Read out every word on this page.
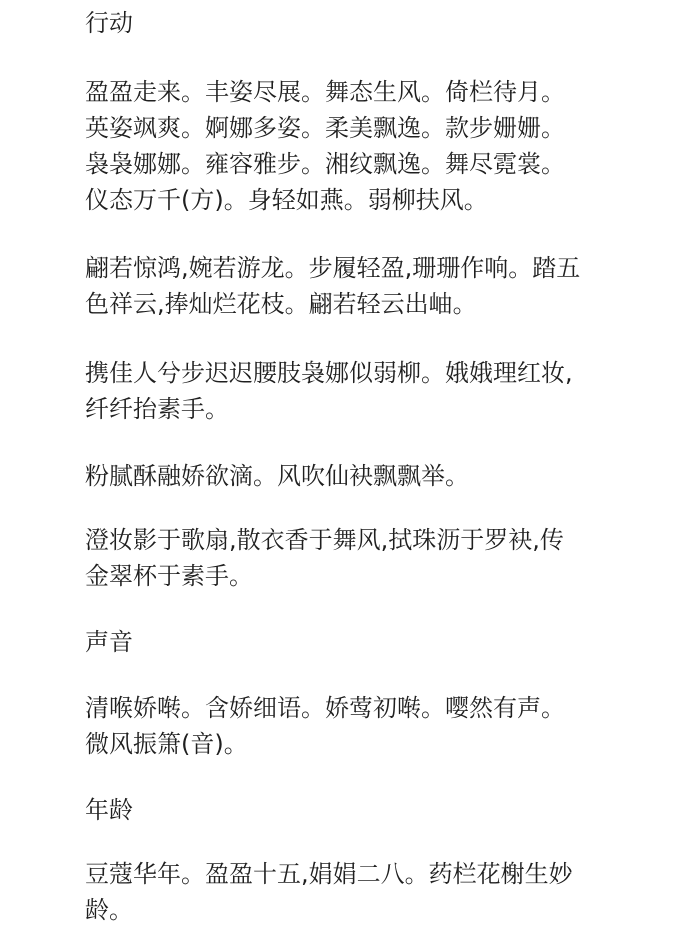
行动
盈盈走来。丰姿尽展。舞态生风。倚栏待月。
英姿飒爽。婀娜多姿。柔美飘逸。款步姗姗。
袅袅娜娜。雍容雅步。湘纹飘逸。舞尽霓裳。
仪态万千(方)。身轻如燕。弱柳扶风。
翩若惊鸿,婉若游龙。步履轻盈,珊珊作响。踏五
色祥云,捧灿烂花枝。翩若轻云出岫。
携佳人兮步迟迟腰肢袅娜似弱柳。娥娥理红妆,
纤纤抬素手。
粉腻酥融娇欲滴。风吹仙袂飘飘举。
澄妆影于歌扇,散衣香于舞风,拭珠沥于罗袂,传
金翠杯于素手。
声音
清喉娇啭。含娇细语。娇莺初啭。嘤然有声。
微风振箫(音)。
年龄
豆蔻华年。盈盈十五,娟娟二八。药栏花榭生妙
龄。
